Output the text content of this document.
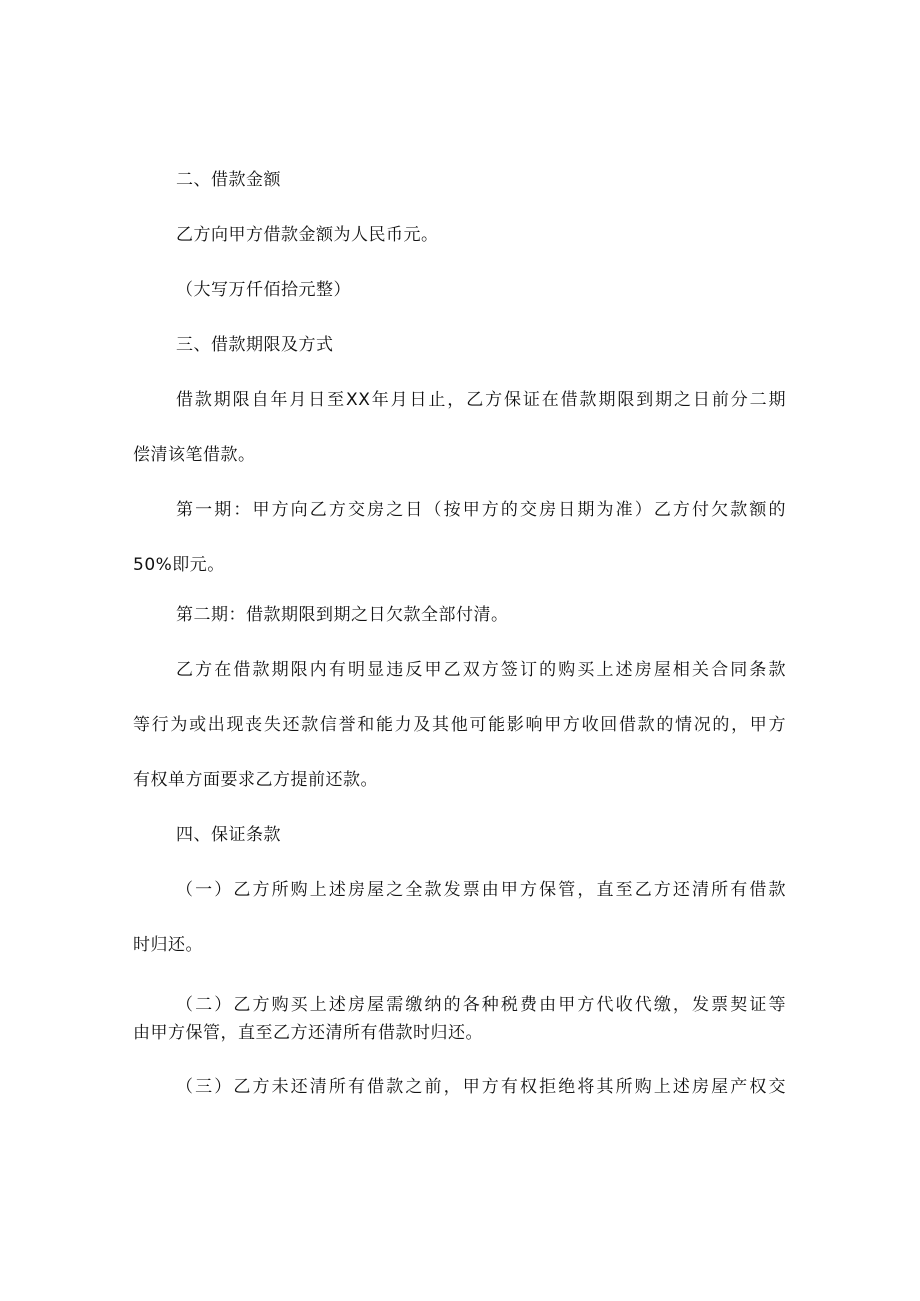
二、借款金额
乙方向甲方借款金额为人民币元。
（大写万仟佰拾元整）
三、借款期限及方式
借款期限自年月日至XX年月日止，乙方保证在借款期限到期之日前分二期
偿清该笔借款。
第一期：甲方向乙方交房之日（按甲方的交房日期为准）乙方付欠款额的
50%即元。
第二期：借款期限到期之日欠款全部付清。
乙方在借款期限内有明显违反甲乙双方签订的购买上述房屋相关合同条款
等行为或出现丧失还款信誉和能力及其他可能影响甲方收回借款的情况的，甲方
有权单方面要求乙方提前还款。
四、保证条款
（一）乙方所购上述房屋之全款发票由甲方保管，直至乙方还清所有借款
时归还。
（二）乙方购买上述房屋需缴纳的各种税费由甲方代收代缴，发票契证等
由甲方保管，直至乙方还清所有借款时归还。
（三）乙方未还清所有借款之前，甲方有权拒绝将其所购上述房屋产权交
